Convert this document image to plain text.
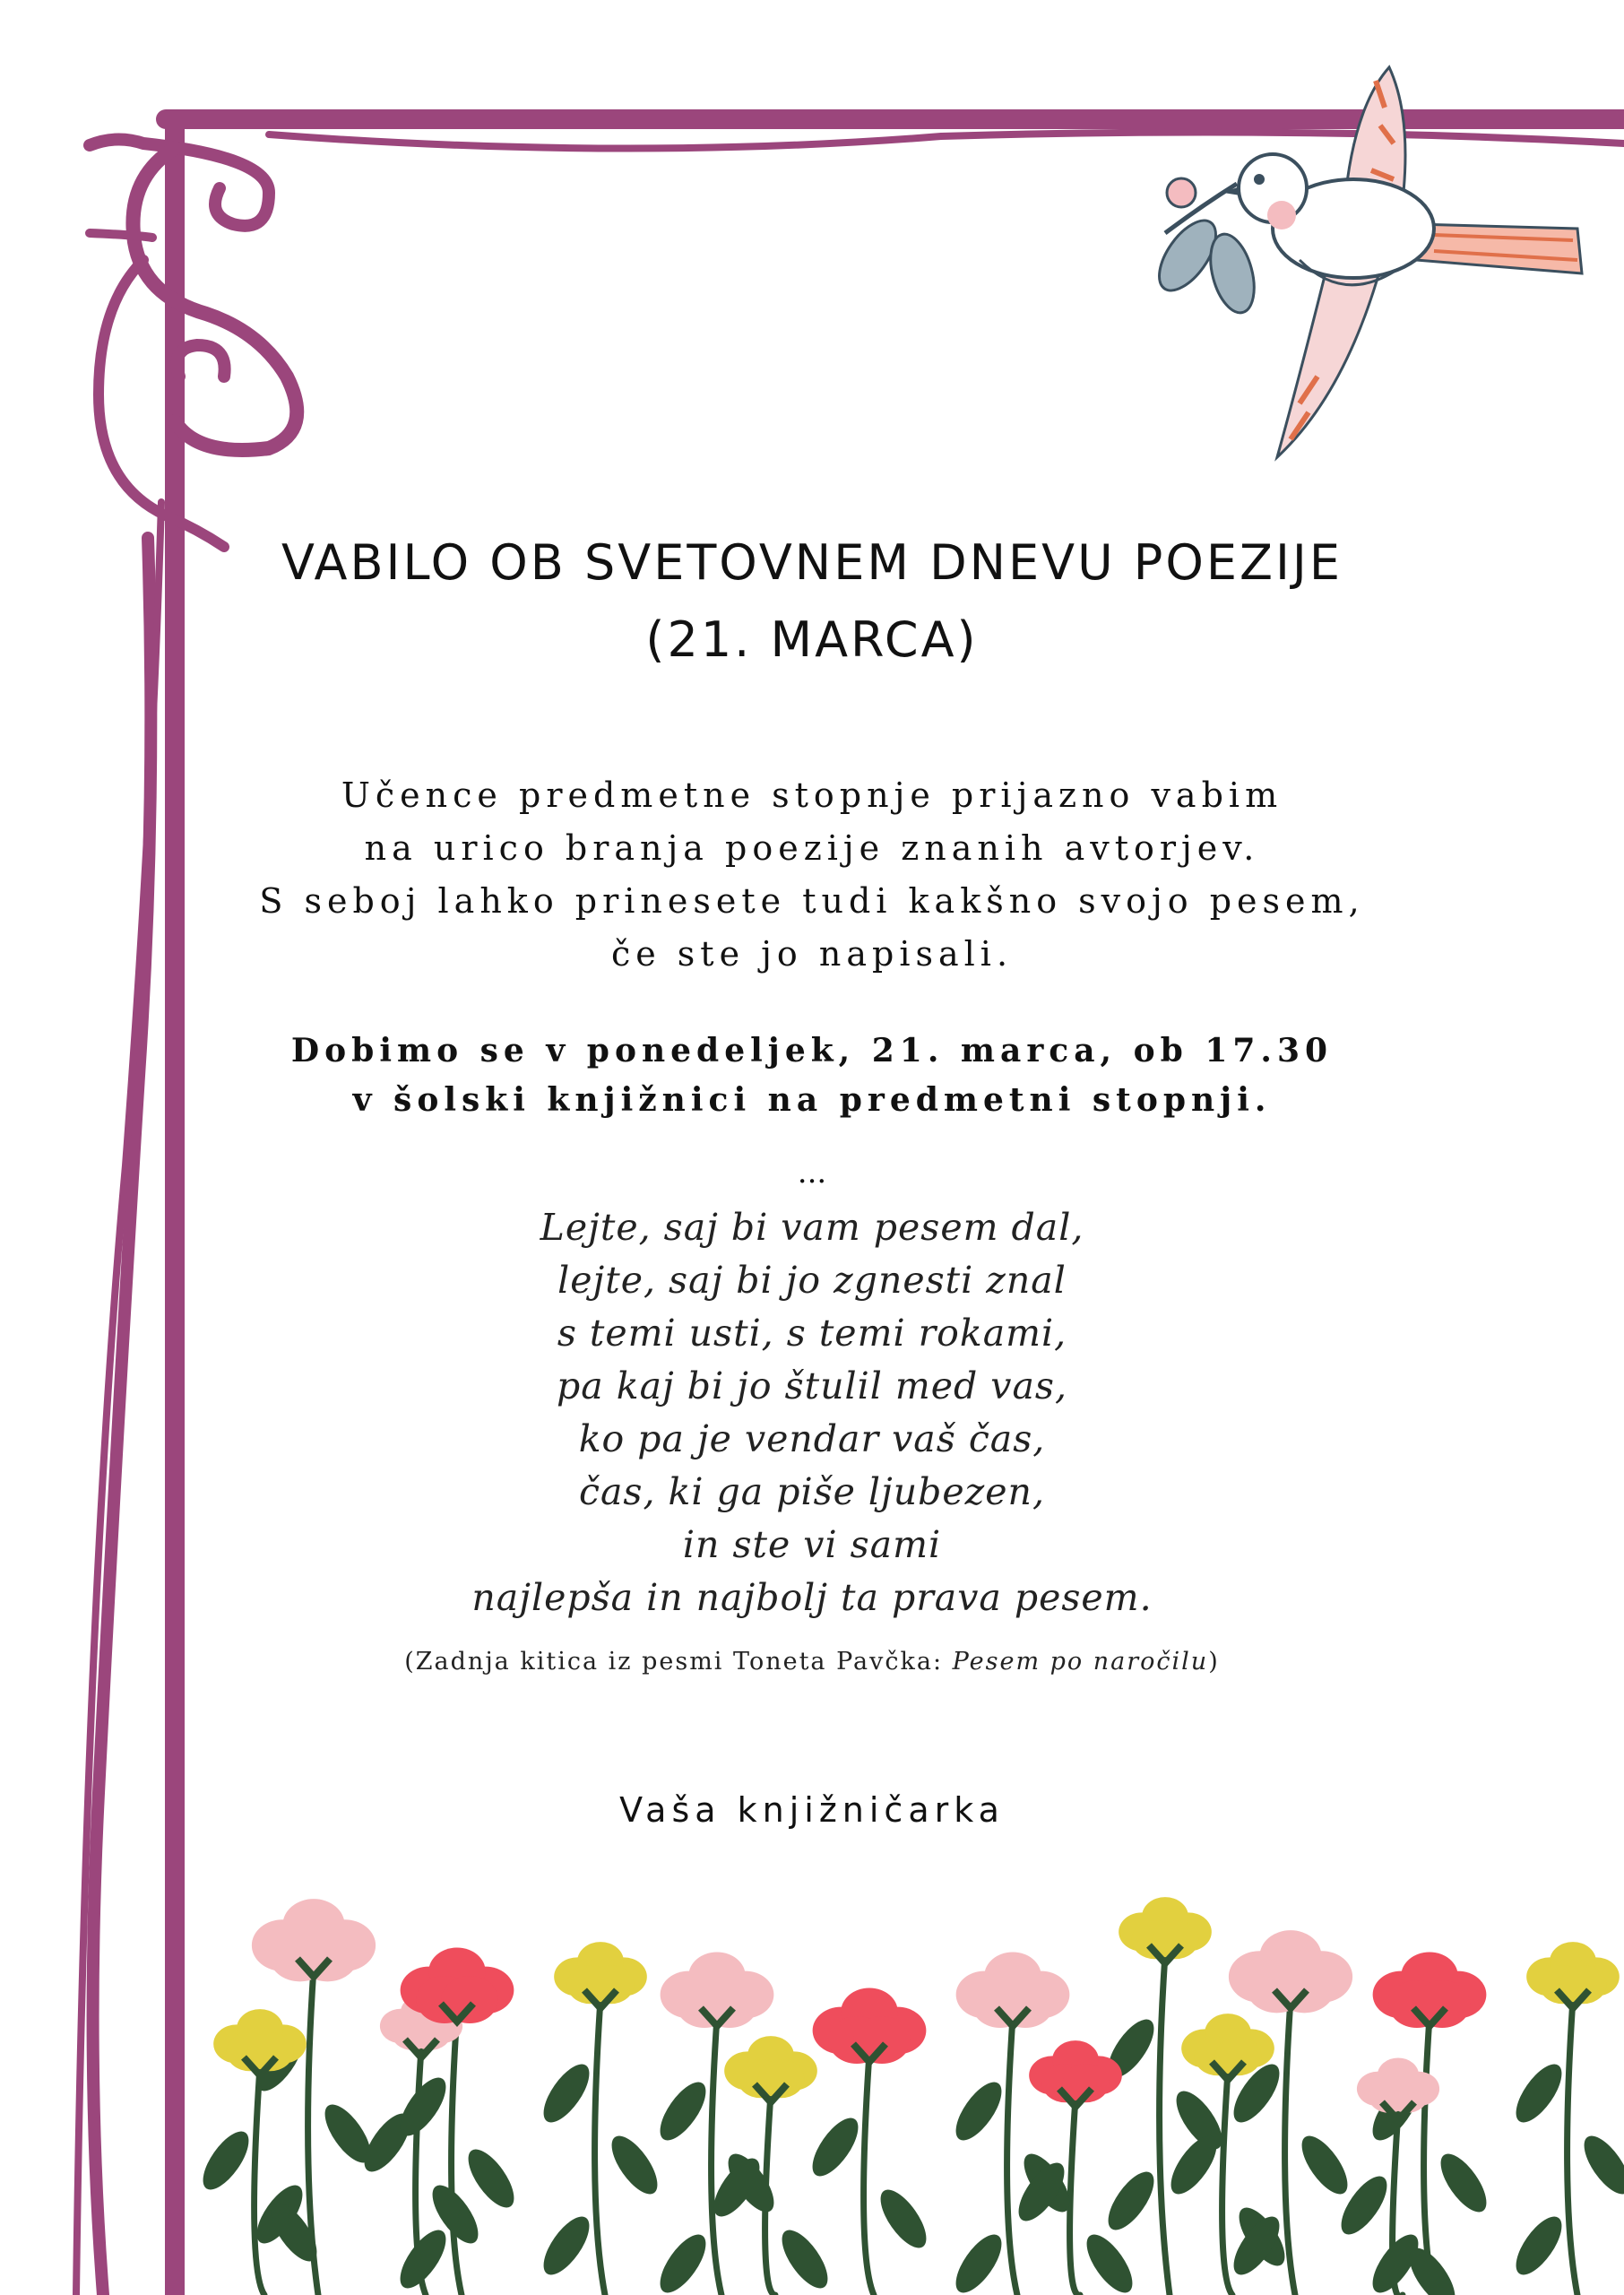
VABILO OB SVETOVNEM DNEVU POEZIJE
(21. MARCA)
Učence predmetne stopnje prijazno vabim
na urico branja poezije znanih avtorjev.
S seboj lahko prinesete tudi kakšno svojo pesem,
če ste jo napisali.
Dobimo se v ponedeljek, 21. marca, ob 17.30
v šolski knjižnici na predmetni stopnji.
...
Lejte, saj bi vam pesem dal,
lejte, saj bi jo zgnesti znal
s temi usti, s temi rokami,
pa kaj bi jo štulil med vas,
ko pa je vendar vaš čas,
čas, ki ga piše ljubezen,
in ste vi sami
najlepša in najbolj ta prava pesem.
(Zadnja kitica iz pesmi Toneta Pavčka: Pesem po naročilu)
Vaša knjižničarka
